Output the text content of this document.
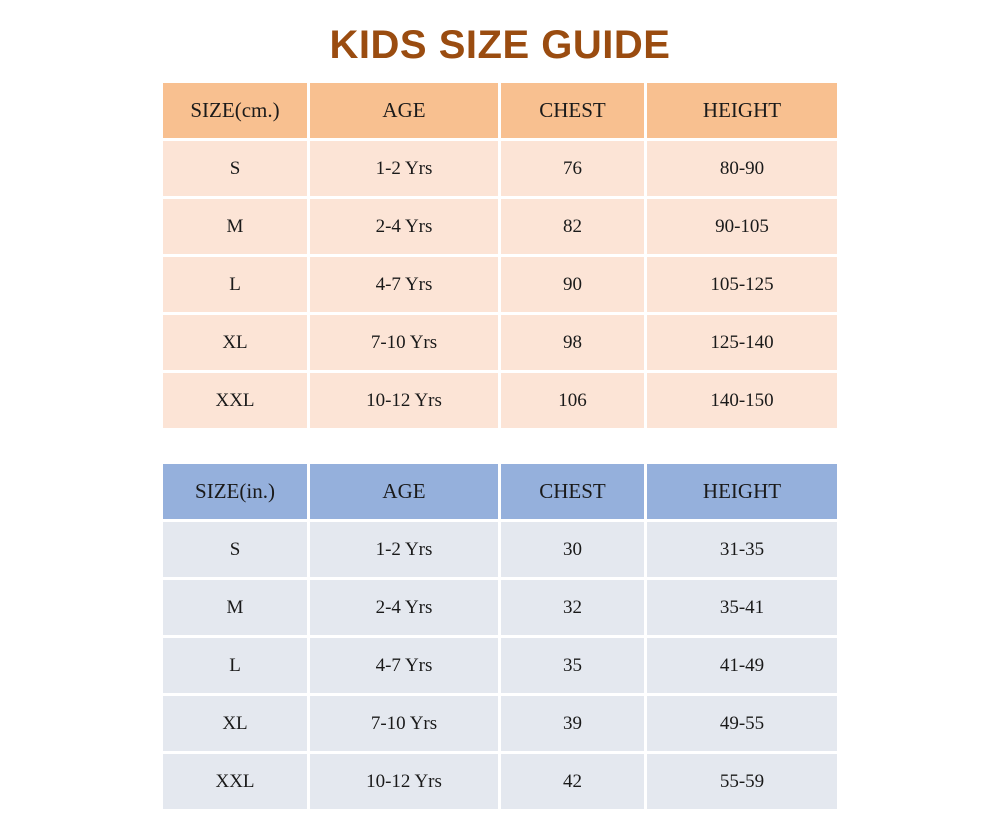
KIDS SIZE GUIDE
SIZE(cm.)	AGE	CHEST	HEIGHT
S	1-2 Yrs	76	80-90
M	2-4 Yrs	82	90-105
L	4-7 Yrs	90	105-125
XL	7-10 Yrs	98	125-140
XXL	10-12 Yrs	106	140-150
SIZE(in.)	AGE	CHEST	HEIGHT
S	1-2 Yrs	30	31-35
M	2-4 Yrs	32	35-41
L	4-7 Yrs	35	41-49
XL	7-10 Yrs	39	49-55
XXL	10-12 Yrs	42	55-59
